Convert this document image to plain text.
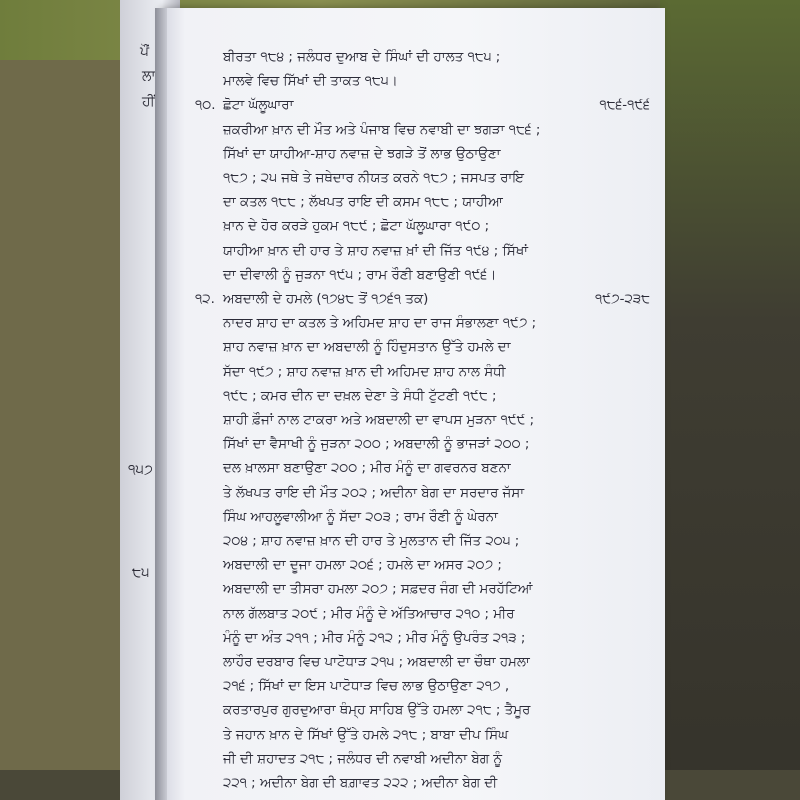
ਪੌਂ
ਲਾ
ਹੀਂ
੧੫੭
੮੫
ਬੀਰਤਾ ੧੮੪ ; ਜਲੰਧਰ ਦੁਆਬ ਦੇ ਸਿੰਘਾਂ ਦੀ ਹਾਲਤ ੧੮੫ ;
ਮਾਲਵੇ ਵਿਚ ਸਿੱਖਾਂ ਦੀ ਤਾਕਤ ੧੮੫।
੧੦. ਛੋਟਾ ਘੱਲੂਘਾਰਾ	੧੮੬-੧੯੬
ਜ਼ਕਰੀਆ ਖ਼ਾਨ ਦੀ ਮੌਤ ਅਤੇ ਪੰਜਾਬ ਵਿਚ ਨਵਾਬੀ ਦਾ ਝਗੜਾ ੧੮੬ ;
ਸਿੱਖਾਂ ਦਾ ਯਾਹੀਆ-ਸ਼ਾਹ ਨਵਾਜ਼ ਦੇ ਝਗੜੇ ਤੋਂ ਲਾਭ ਉਠਾਉਣਾ
੧੮੭ ; ੨੫ ਜਥੇ ਤੇ ਜਥੇਦਾਰ ਨੀਯਤ ਕਰਨੇ ੧੮੭ ; ਜਸਪਤ ਰਾਇ
ਦਾ ਕਤਲ ੧੮੮ ; ਲੱਖਪਤ ਰਾਇ ਦੀ ਕਸਮ ੧੮੮ ; ਯਾਹੀਆ
ਖ਼ਾਨ ਦੇ ਹੋਰ ਕਰੜੇ ਹੁਕਮ ੧੮੯ ; ਛੋਟਾ ਘੱਲੂਘਾਰਾ ੧੯੦ ;
ਯਾਹੀਆ ਖ਼ਾਨ ਦੀ ਹਾਰ ਤੇ ਸ਼ਾਹ ਨਵਾਜ਼ ਖ਼ਾਂ ਦੀ ਜਿੱਤ ੧੯੪ ; ਸਿੱਖਾਂ
ਦਾ ਦੀਵਾਲੀ ਨੂੰ ਜੁੜਨਾ ੧੯੫ ; ਰਾਮ ਰੌਣੀ ਬਣਾਉਣੀ ੧੯੬।
੧੨. ਅਬਦਾਲੀ ਦੇ ਹਮਲੇ (੧੭੪੮ ਤੋਂ ੧੭੬੧ ਤਕ)	੧੯੭-੨੩੮
ਨਾਦਰ ਸ਼ਾਹ ਦਾ ਕਤਲ ਤੇ ਅਹਿਮਦ ਸ਼ਾਹ ਦਾ ਰਾਜ ਸੰਭਾਲਣਾ ੧੯੭ ;
ਸ਼ਾਹ ਨਵਾਜ਼ ਖ਼ਾਨ ਦਾ ਅਬਦਾਲੀ ਨੂੰ ਹਿੰਦੁਸਤਾਨ ਉੱਤੇ ਹਮਲੇ ਦਾ
ਸੱਦਾ ੧੯੭ ; ਸ਼ਾਹ ਨਵਾਜ਼ ਖ਼ਾਨ ਦੀ ਅਹਿਮਦ ਸ਼ਾਹ ਨਾਲ ਸੰਧੀ
੧੯੮ ; ਕਮਰ ਦੀਨ ਦਾ ਦਖ਼ਲ ਦੇਣਾ ਤੇ ਸੰਧੀ ਟੁੱਟਣੀ ੧੯੮ ;
ਸ਼ਾਹੀ ਫ਼ੌਜਾਂ ਨਾਲ ਟਾਕਰਾ ਅਤੇ ਅਬਦਾਲੀ ਦਾ ਵਾਪਸ ਮੁੜਨਾ ੧੯੯ ;
ਸਿੱਖਾਂ ਦਾ ਵੈਸਾਖੀ ਨੂੰ ਜੁੜਨਾ ੨੦੦ ; ਅਬਦਾਲੀ ਨੂੰ ਭਾਜੜਾਂ ੨੦੦ ;
ਦਲ ਖ਼ਾਲਸਾ ਬਣਾਉਣਾ ੨੦੦ ; ਮੀਰ ਮੰਨੂੰ ਦਾ ਗਵਰਨਰ ਬਣਨਾ
ਤੇ ਲੱਖਪਤ ਰਾਇ ਦੀ ਮੌਤ ੨੦੨ ; ਅਦੀਨਾ ਬੇਗ ਦਾ ਸਰਦਾਰ ਜੱਸਾ
ਸਿੰਘ ਆਹਲੂਵਾਲੀਆ ਨੂੰ ਸੱਦਾ ੨੦੩ ; ਰਾਮ ਰੌਣੀ ਨੂੰ ਘੇਰਨਾ
੨੦੪ ; ਸ਼ਾਹ ਨਵਾਜ਼ ਖ਼ਾਨ ਦੀ ਹਾਰ ਤੇ ਮੁਲਤਾਨ ਦੀ ਜਿੱਤ ੨੦੫ ;
ਅਬਦਾਲੀ ਦਾ ਦੂਜਾ ਹਮਲਾ ੨੦੬ ; ਹਮਲੇ ਦਾ ਅਸਰ ੨੦੭ ;
ਅਬਦਾਲੀ ਦਾ ਤੀਸਰਾ ਹਮਲਾ ੨੦੭ ; ਸਫ਼ਦਰ ਜੰਗ ਦੀ ਮਰਹੱਟਿਆਂ
ਨਾਲ ਗੱਲਬਾਤ ੨੦੯ ; ਮੀਰ ਮੰਨੂੰ ਦੇ ਅੱਤਿਆਚਾਰ ੨੧੦ ; ਮੀਰ
ਮੰਨੂੰ ਦਾ ਅੰਤ ੨੧੧ ; ਮੀਰ ਮੰਨੂੰ ੨੧੨ ; ਮੀਰ ਮੰਨੂੰ ਉਪਰੰਤ ੨੧੩ ;
ਲਾਹੌਰ ਦਰਬਾਰ ਵਿਚ ਪਾਟੋਧਾੜ ੨੧੫ ; ਅਬਦਾਲੀ ਦਾ ਚੌਥਾ ਹਮਲਾ
੨੧੬ ; ਸਿੱਖਾਂ ਦਾ ਇਸ ਪਾਟੋਧਾੜ ਵਿਚ ਲਾਭ ਉਠਾਉਣਾ ੨੧੭ ,
ਕਰਤਾਰਪੁਰ ਗੁਰਦੁਆਰਾ ਥੰਮ੍ਹ ਸਾਹਿਬ ਉੱਤੇ ਹਮਲਾ ੨੧੮ ; ਤੈਮੂਰ
ਤੇ ਜਹਾਨ ਖ਼ਾਨ ਦੇ ਸਿੱਖਾਂ ਉੱਤੇ ਹਮਲੇ ੨੧੮ ; ਬਾਬਾ ਦੀਪ ਸਿੰਘ
ਜੀ ਦੀ ਸ਼ਹਾਦਤ ੨੧੮ ; ਜਲੰਧਰ ਦੀ ਨਵਾਬੀ ਅਦੀਨਾ ਬੇਗ ਨੂੰ
੨੨੧ ; ਅਦੀਨਾ ਬੇਗ ਦੀ ਬਗ਼ਾਵਤ ੨੨੨ ; ਅਦੀਨਾ ਬੇਗ ਦੀ
